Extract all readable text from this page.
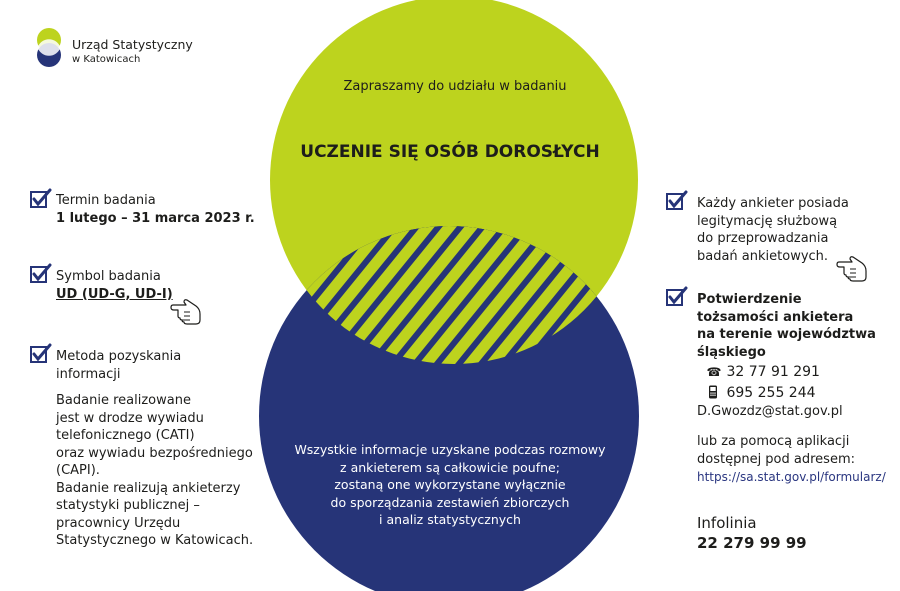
Urząd Statystyczny
w Katowicach
Zapraszamy do udziału w badaniu
UCZENIE SIĘ OSÓB DOROSŁYCH
Wszystkie informacje uzyskane podczas rozmowy
z ankieterem są całkowicie poufne;
zostaną one wykorzystane wyłącznie
do sporządzania zestawień zbiorczych
i analiz statystycznych
Termin badania
1 lutego – 31 marca 2023 r.
Symbol badania
UD (UD-G, UD-I)
Metoda pozyskania
informacji
Badanie realizowane
jest w drodze wywiadu
telefonicznego (CATI)
oraz wywiadu bezpośredniego
(CAPI).
Badanie realizują ankieterzy
statystyki publicznej –
pracownicy Urzędu
Statystycznego w Katowicach.
Każdy ankieter posiada
legitymację służbową
do przeprowadzania
badań ankietowych.
Potwierdzenie
tożsamości ankietera
na terenie województwa
śląskiego
☎ 32 77 91 291
695 255 244
D.Gwozdz@stat.gov.pl
lub za pomocą aplikacji
dostępnej pod adresem:
https://sa.stat.gov.pl/formularz/
Infolinia
22 279 99 99
